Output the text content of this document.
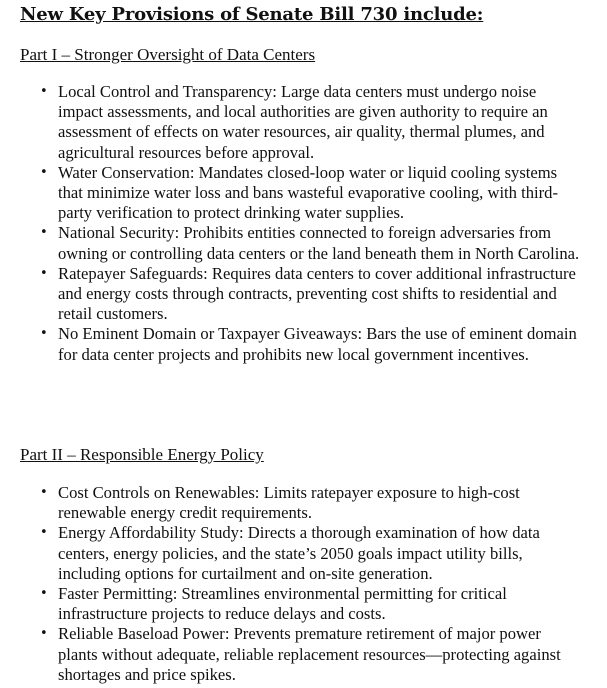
New Key Provisions of Senate Bill 730 include:
Part I – Stronger Oversight of Data Centers
• Local Control and Transparency: Large data centers must undergo noise impact assessments, and local authorities are given authority to require an assessment of effects on water resources, air quality, thermal plumes, and agricultural resources before approval.
• Water Conservation: Mandates closed-loop water or liquid cooling systems that minimize water loss and bans wasteful evaporative cooling, with third-party verification to protect drinking water supplies.
• National Security: Prohibits entities connected to foreign adversaries from owning or controlling data centers or the land beneath them in North Carolina.
• Ratepayer Safeguards: Requires data centers to cover additional infrastructure and energy costs through contracts, preventing cost shifts to residential and retail customers.
• No Eminent Domain or Taxpayer Giveaways: Bars the use of eminent domain for data center projects and prohibits new local government incentives.
Part II – Responsible Energy Policy
• Cost Controls on Renewables: Limits ratepayer exposure to high-cost renewable energy credit requirements.
• Energy Affordability Study: Directs a thorough examination of how data centers, energy policies, and the state’s 2050 goals impact utility bills, including options for curtailment and on-site generation.
• Faster Permitting: Streamlines environmental permitting for critical infrastructure projects to reduce delays and costs.
• Reliable Baseload Power: Prevents premature retirement of major power plants without adequate, reliable replacement resources—protecting against shortages and price spikes.
